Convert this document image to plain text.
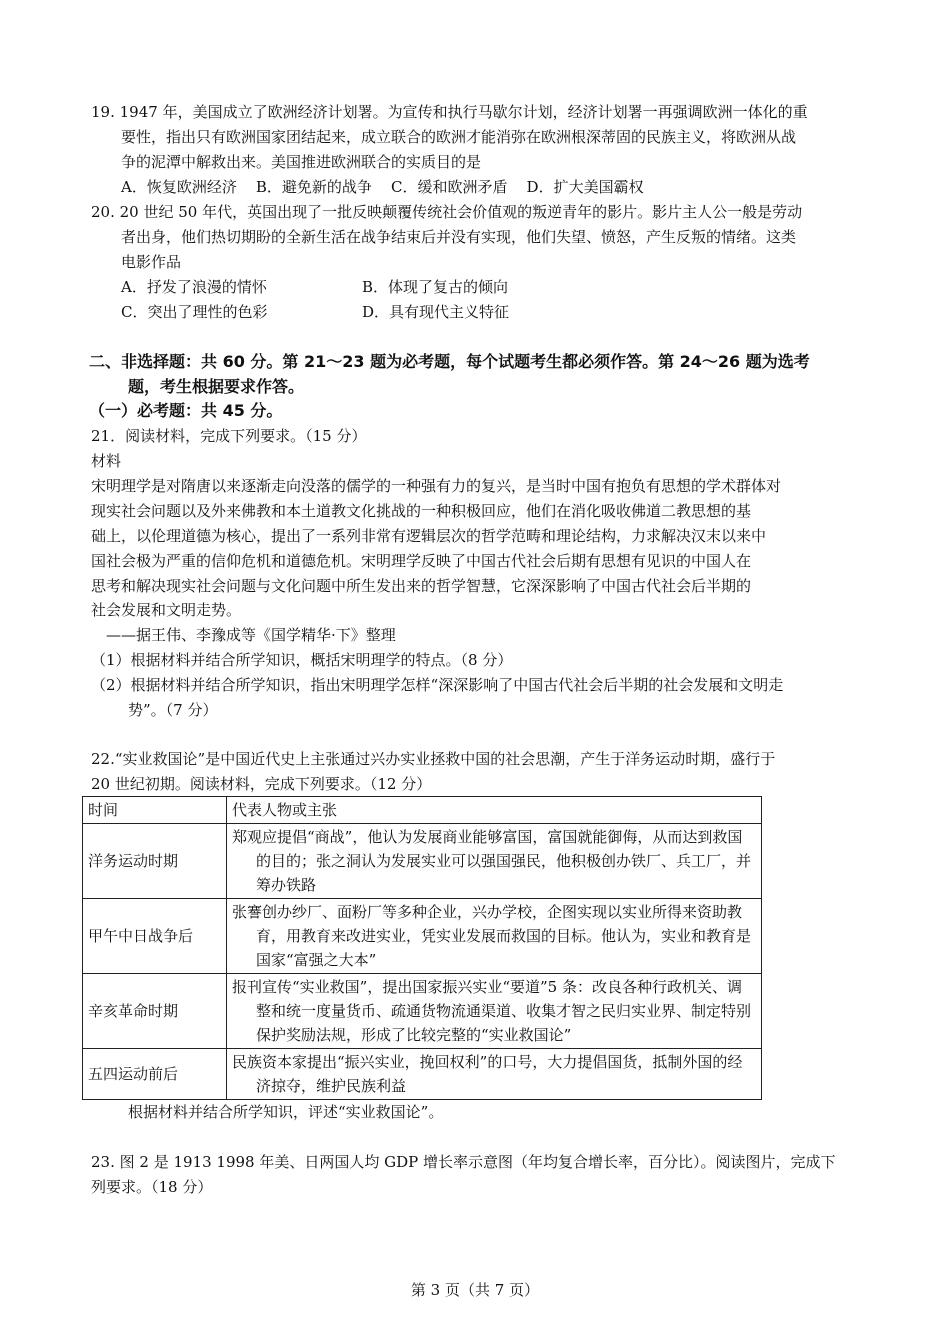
19. 1947 年，美国成立了欧洲经济计划署。为宣传和执行马歇尔计划，经济计划署一再强调欧洲一体化的重
要性，指出只有欧洲国家团结起来，成立联合的欧洲才能消弥在欧洲根深蒂固的民族主义，将欧洲从战
争的泥潭中解救出来。美国推进欧洲联合的实质目的是
A．恢复欧洲经济    B．避免新的战争    C．缓和欧洲矛盾    D．扩大美国霸权
20. 20 世纪 50 年代，英国出现了一批反映颠覆传统社会价值观的叛逆青年的影片。影片主人公一般是劳动
者出身，他们热切期盼的全新生活在战争结束后并没有实现，他们失望、愤怒，产生反叛的情绪。这类
电影作品
A．抒发了浪漫的情怀	B．体现了复古的倾向
C．突出了理性的色彩	D．具有现代主义特征
二、非选择题：共 60 分。第 21～23 题为必考题，每个试题考生都必须作答。第 24～26 题为选考
题，考生根据要求作答。
（一）必考题：共 45 分。
21．阅读材料，完成下列要求。（15 分）
材料
宋明理学是对隋唐以来逐渐走向没落的儒学的一种强有力的复兴，是当时中国有抱负有思想的学术群体对
现实社会问题以及外来佛教和本土道教文化挑战的一种积极回应，他们在消化吸收佛道二教思想的基
础上，以伦理道德为核心，提出了一系列非常有逻辑层次的哲学范畴和理论结构，力求解决汉末以来中
国社会极为严重的信仰危机和道德危机。宋明理学反映了中国古代社会后期有思想有见识的中国人在
思考和解决现实社会问题与文化问题中所生发出来的哲学智慧，它深深影响了中国古代社会后半期的
社会发展和文明走势。
——据王伟、李豫成等《国学精华·下》整理
（1）根据材料并结合所学知识，概括宋明理学的特点。（8 分）
（2）根据材料并结合所学知识，指出宋明理学怎样“深深影响了中国古代社会后半期的社会发展和文明走
势”。（7 分）
22.“实业救国论”是中国近代史上主张通过兴办实业拯救中国的社会思潮，产生于洋务运动时期，盛行于
20 世纪初期。阅读材料，完成下列要求。（12 分）
时间	代表人物或主张
洋务运动时期	郑观应提倡“商战”，他认为发展商业能够富国，富国就能御侮，从而达到救国的目的；张之洞认为发展实业可以强国强民，他积极创办铁厂、兵工厂，并筹办铁路

甲午中日战争后	张謇创办纱厂、面粉厂等多种企业，兴办学校，企图实现以实业所得来资助教育，用教育来改进实业，凭实业发展而救国的目标。他认为，实业和教育是国家“富强之大本”

辛亥革命时期	报刊宣传“实业救国”，提出国家振兴实业“要道”5 条：改良各种行政机关、调整和统一度量货币、疏通货物流通渠道、收集才智之民归实业界、制定特别保护奖励法规，形成了比较完整的“实业救国论”

五四运动前后	民族资本家提出“振兴实业，挽回权利”的口号，大力提倡国货，抵制外国的经济掠夺，维护民族利益
根据材料并结合所学知识，评述“实业救国论”。
23. 图 2 是 1913 1998 年美、日两国人均 GDP 增长率示意图（年均复合增长率，百分比）。阅读图片，完成下
列要求。（18 分）
第 3 页（共 7 页）
